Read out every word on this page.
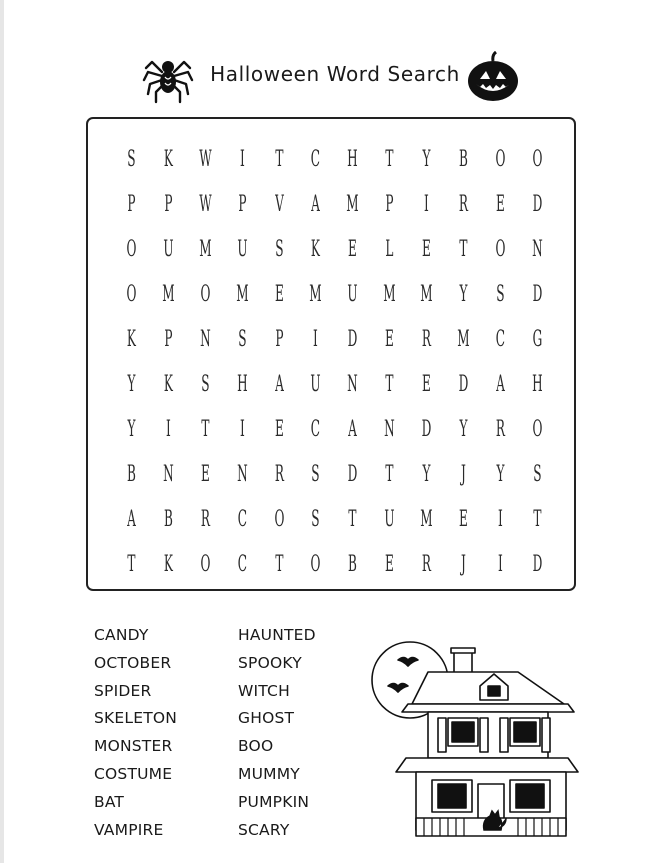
Halloween Word Search
S K W	I	T C H T Y B O O
P P W P V A M P	I	R E D
O U M U S K E L E T O N
O M O M E M U M M Y S D
K P N S P	I	D E R M C G
Y K S H A U N T E D A H
Y	I	T	I	E C A N D Y R O
B N E N R S D T Y	J	Y S
A B R C O S T U M E	I	T
T K O C T O B E R	J	I	D
CANDY
OCTOBER
SPIDER
SKELETON
MONSTER
COSTUME
BAT
VAMPIRE
HAUNTED
SPOOKY
WITCH
GHOST
BOO
MUMMY
PUMPKIN
SCARY
